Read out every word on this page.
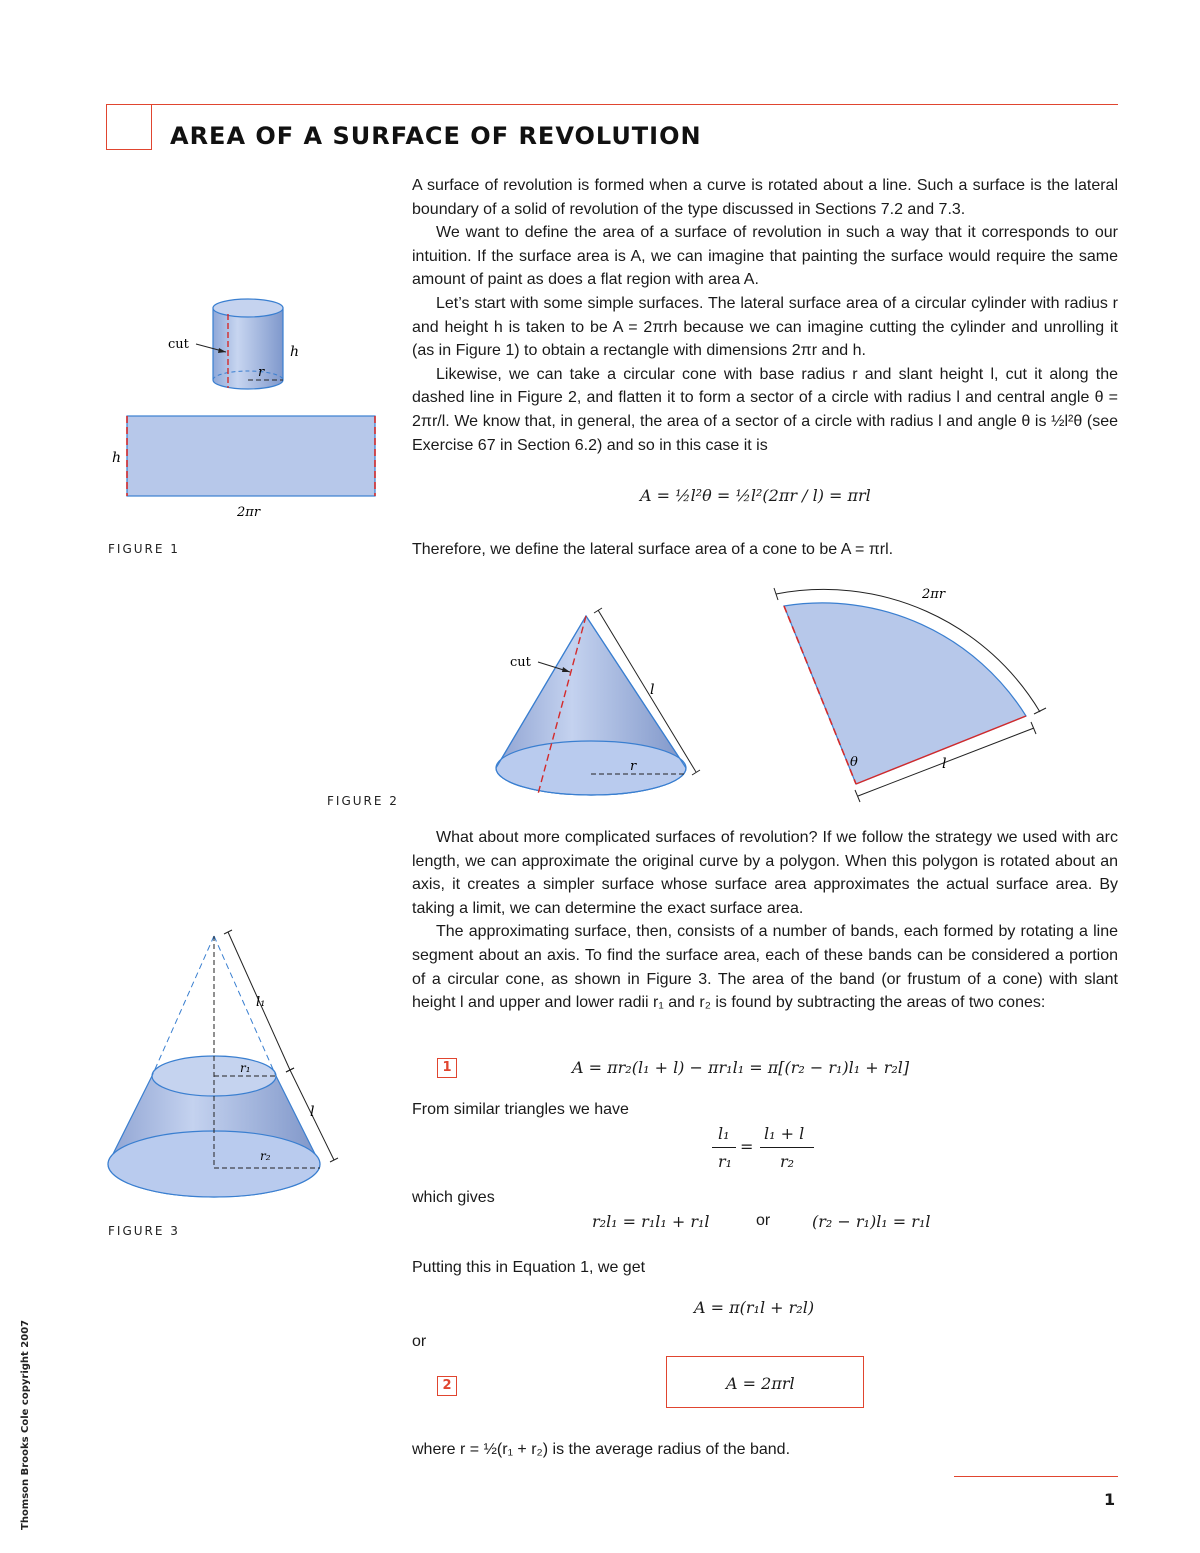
AREA OF A SURFACE OF REVOLUTION

A surface of revolution is formed when a curve is rotated about a line. Such a surface is the lateral boundary of a solid of revolution of the type discussed in Sections 7.2 and 7.3.

We want to define the area of a surface of revolution in such a way that it corresponds to our intuition. If the surface area is A, we can imagine that painting the surface would require the same amount of paint as does a flat region with area A.

Let’s start with some simple surfaces. The lateral surface area of a circular cylinder with radius r and height h is taken to be A = 2πrh because we can imagine cutting the cylinder and unrolling it (as in Figure 1) to obtain a rectangle with dimensions 2πr and h.

Likewise, we can take a circular cone with base radius r and slant height l, cut it along the dashed line in Figure 2, and flatten it to form a sector of a circle with radius l and central angle θ = 2πr/l. We know that, in general, the area of a sector of a circle with radius l and angle θ is ½l²θ (see Exercise 67 in Section 6.2) and so in this case it is

A = ½l²θ = ½l²(2πr / l) = πrl
Therefore, we define the lateral surface area of a cone to be A = πrl.

What about more complicated surfaces of revolution? If we follow the strategy we used with arc length, we can approximate the original curve by a polygon. When this polygon is rotated about an axis, it creates a simpler surface whose surface area approximates the actual surface area. By taking a limit, we can determine the exact surface area.

The approximating surface, then, consists of a number of bands, each formed by rotating a line segment about an axis. To find the surface area, each of these bands can be considered a portion of a circular cone, as shown in Figure 3. The area of the band (or frustum of a cone) with slant height l and upper and lower radii r₁ and r₂ is found by subtracting the areas of two cones:

1	A = πr₂(l₁ + l) − πr₁l₁ = π[(r₂ − r₁)l₁ + r₂l]
From similar triangles we have
l₁
r₁
=
l₁ + l
r₂
which gives
r₂l₁ = r₁l₁ + r₁l	or	(r₂ − r₁)l₁ = r₁l
Putting this in Equation 1, we get
A = π(r₁l + r₂l)
or
2	A = 2πrl
where r = ½(r₁ + r₂) is the average radius of the band.
1
Thomson Brooks Cole copyright 2007
cut	h
r
h
2πr
FIGURE 1
cut
l
r
2πr
θ	l
FIGURE 2
l₁
r₁
l
r₂
FIGURE 3
